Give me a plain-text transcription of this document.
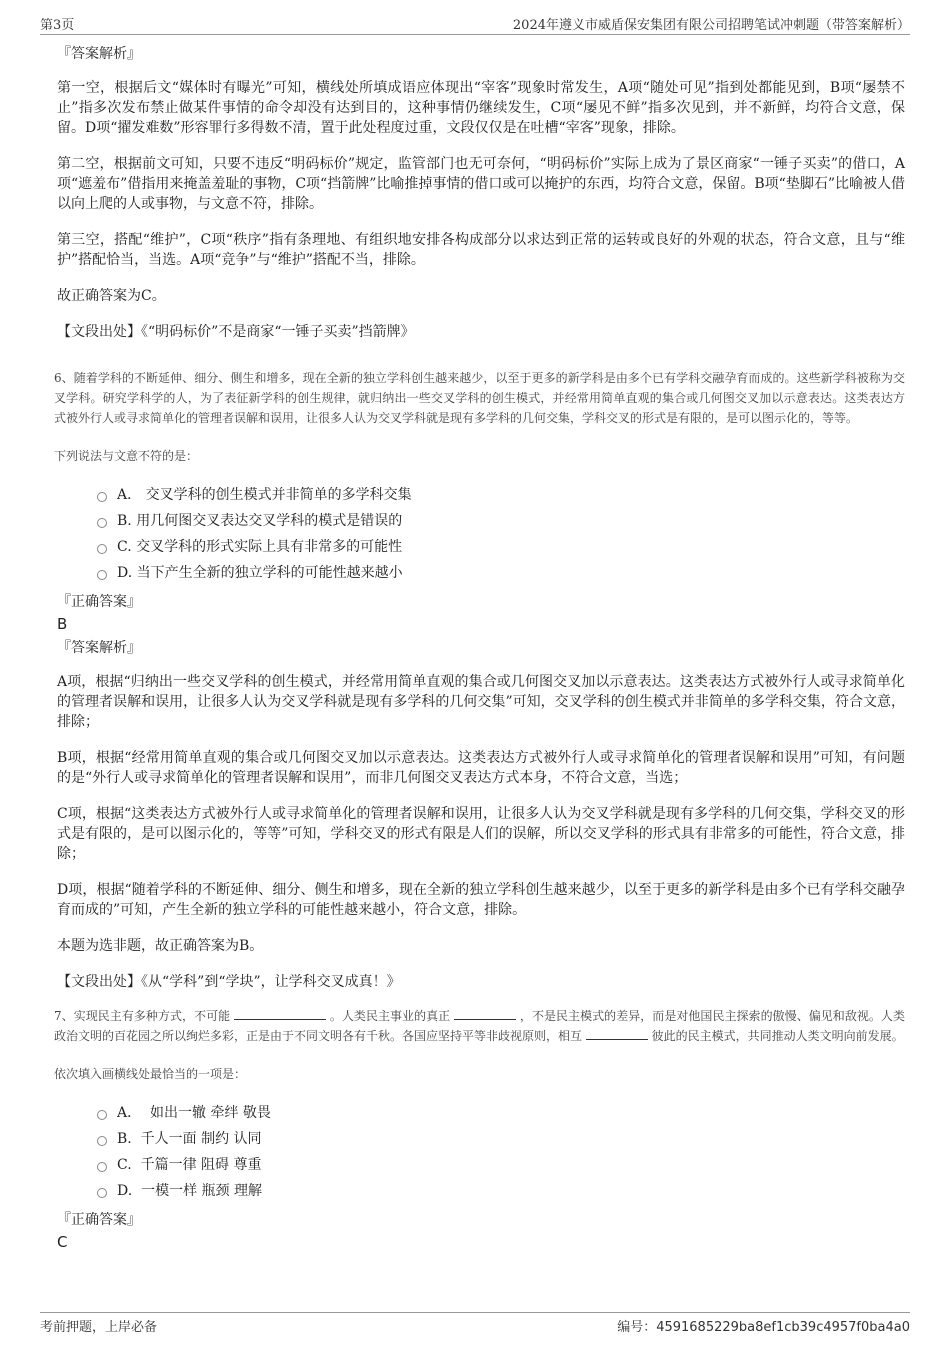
第3页	2024年遵义市威盾保安集团有限公司招聘笔试冲刺题（带答案解析）
『答案解析』

第一空，根据后文“媒体时有曝光”可知，横线处所填成语应体现出“宰客”现象时常发生，A项“随处可见”指到处都能见到，B项“屡禁不止”指多次发布禁止做某件事情的命令却没有达到目的，这种事情仍继续发生，C项“屡见不鲜”指多次见到，并不新鲜，均符合文意，保留。D项“擢发难数”形容罪行多得数不清，置于此处程度过重，文段仅仅是在吐槽“宰客”现象，排除。

第二空，根据前文可知，只要不违反“明码标价”规定，监管部门也无可奈何，“明码标价”实际上成为了景区商家“一锤子买卖”的借口，A项“遮羞布”借指用来掩盖羞耻的事物，C项“挡箭牌”比喻推掉事情的借口或可以掩护的东西，均符合文意，保留。B项“垫脚石”比喻被人借以向上爬的人或事物，与文意不符，排除。

第三空，搭配“维护”，C项“秩序”指有条理地、有组织地安排各构成部分以求达到正常的运转或良好的外观的状态，符合文意，且与“维护”搭配恰当，当选。A项“竞争”与“维护”搭配不当，排除。

故正确答案为C。

【文段出处】《“明码标价”不是商家“一锤子买卖”挡箭牌》

6、随着学科的不断延伸、细分、侧生和增多，现在全新的独立学科创生越来越少，以至于更多的新学科是由多个已有学科交融孕育而成的。这些新学科被称为交叉学科。研究学科学的人，为了表征新学科的创生规律，就归纳出一些交叉学科的创生模式，并经常用简单直观的集合或几何图交叉加以示意表达。这类表达方式被外行人或寻求简单化的管理者误解和误用，让很多人认为交叉学科就是现有多学科的几何交集，学科交叉的形式是有限的，是可以图示化的，等等。

下列说法与文意不符的是：

A．
交叉学科的创生模式并非简单的多学科交集
B.
用几何图交叉表达交叉学科的模式是错误的
C.
交叉学科的形式实际上具有非常多的可能性
D.
当下产生全新的独立学科的可能性越来越小
『正确答案』
B
『答案解析』

A项，根据“归纳出一些交叉学科的创生模式，并经常用简单直观的集合或几何图交叉加以示意表达。这类表达方式被外行人或寻求简单化的管理者误解和误用，让很多人认为交叉学科就是现有多学科的几何交集”可知，交叉学科的创生模式并非简单的多学科交集，符合文意，排除；

B项，根据“经常用简单直观的集合或几何图交叉加以示意表达。这类表达方式被外行人或寻求简单化的管理者误解和误用”可知，有问题的是“外行人或寻求简单化的管理者误解和误用”，而非几何图交叉表达方式本身，不符合文意，当选；

C项，根据“这类表达方式被外行人或寻求简单化的管理者误解和误用，让很多人认为交叉学科就是现有多学科的几何交集，学科交叉的形式是有限的，是可以图示化的，等等”可知，学科交叉的形式有限是人们的误解，所以交叉学科的形式具有非常多的可能性，符合文意，排除；

D项，根据“随着学科的不断延伸、细分、侧生和增多，现在全新的独立学科创生越来越少，以至于更多的新学科是由多个已有学科交融孕育而成的”可知，产生全新的独立学科的可能性越来越小，符合文意，排除。

本题为选非题，故正确答案为B。

【文段出处】《从“学科”到“学块”，让学科交叉成真！》

7、实现民主有多种方式，不可能	。人类民主事业的真正	，不是民主模式的差异，而是对他国民主探索的傲慢、偏见和敌视。人类政治文明的百花园之所以绚烂多彩，正是由于不同文明各有千秋。各国应坚持平等非歧视原则，相互	彼此的民主模式，共同推动人类文明向前发展。

依次填入画横线处最恰当的一项是：

A．
如出一辙 牵绊 敬畏
B.
千人一面 制约 认同
C.
千篇一律 阻碍 尊重
D.
一模一样 瓶颈 理解
『正确答案』
C
考前押题，上岸必备	编号：4591685229ba8ef1cb39c4957f0ba4a0
